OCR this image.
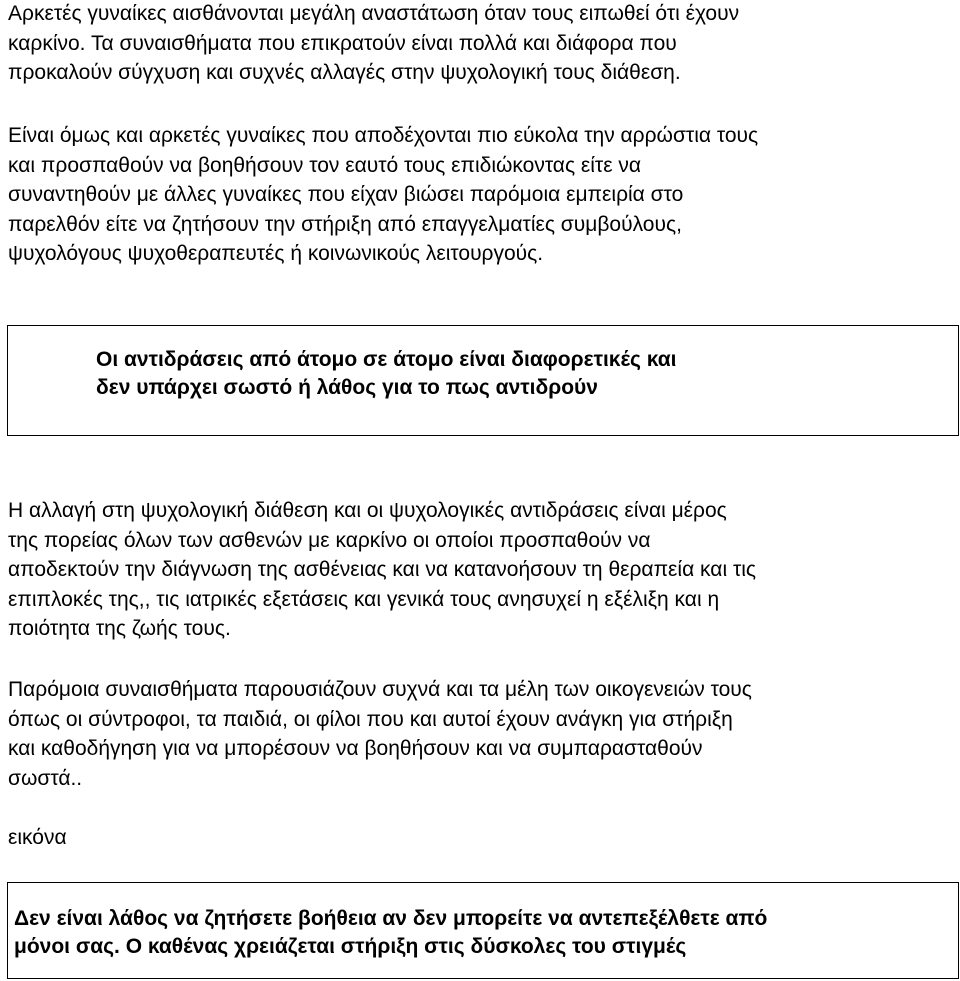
Αρκετές γυναίκες αισθάνονται μεγάλη αναστάτωση όταν τους ειπωθεί ότι έχουν
καρκίνο. Τα συναισθήματα που επικρατούν είναι πολλά και διάφορα που
προκαλούν σύγχυση και συχνές αλλαγές στην ψυχολογική τους διάθεση.
Είναι όμως και αρκετές γυναίκες που αποδέχονται πιο εύκολα την αρρώστια τους
και προσπαθούν να βοηθήσουν τον εαυτό τους επιδιώκοντας είτε να
συναντηθούν με άλλες γυναίκες που είχαν βιώσει παρόμοια εμπειρία στο
παρελθόν είτε να ζητήσουν την στήριξη από επαγγελματίες συμβούλους,
ψυχολόγους ψυχοθεραπευτές ή κοινωνικούς λειτουργούς.
Οι αντιδράσεις από άτομο σε άτομο είναι διαφορετικές και
δεν υπάρχει σωστό ή λάθος για το πως αντιδρούν
Η αλλαγή στη ψυχολογική διάθεση και οι ψυχολογικές αντιδράσεις είναι μέρος
της πορείας όλων των ασθενών με καρκίνο οι οποίοι προσπαθούν να
αποδεκτούν την διάγνωση της ασθένειας και να κατανοήσουν τη θεραπεία και τις
επιπλοκές της,, τις ιατρικές εξετάσεις και γενικά τους ανησυχεί η εξέλιξη και η
ποιότητα της ζωής τους.
Παρόμοια συναισθήματα παρουσιάζουν συχνά και τα μέλη των οικογενειών τους
όπως οι σύντροφοι, τα παιδιά, οι φίλοι που και αυτοί έχουν ανάγκη για στήριξη
και καθοδήγηση για να μπορέσουν να βοηθήσουν και να συμπαρασταθούν
σωστά..
εικόνα
Δεν είναι λάθος να ζητήσετε βοήθεια αν δεν μπορείτε να αντεπεξέλθετε από
μόνοι σας. Ο καθένας χρειάζεται στήριξη στις δύσκολες του στιγμές
